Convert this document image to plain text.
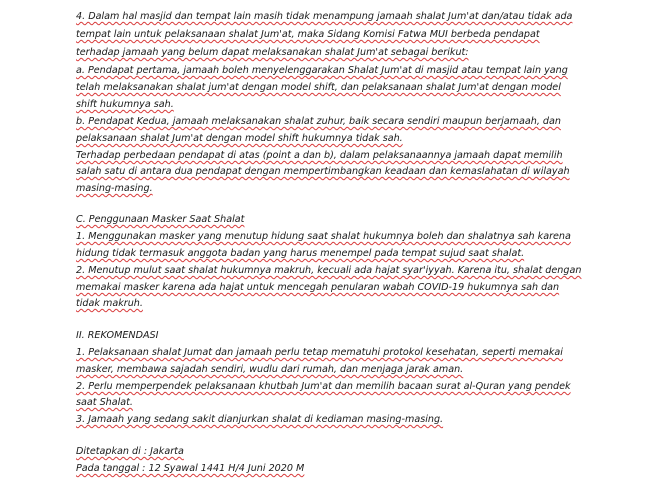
4. Dalam hal masjid dan tempat lain masih tidak menampung jamaah shalat Jum'at dan/atau tidak ada
tempat lain untuk pelaksanaan shalat Jum'at, maka Sidang Komisi Fatwa MUI berbeda pendapat
terhadap jamaah yang belum dapat melaksanakan shalat Jum'at sebagai berikut:
a. Pendapat pertama, jamaah boleh menyelenggarakan Shalat Jum'at di masjid atau tempat lain yang
telah melaksanakan shalat jum'at dengan model shift, dan pelaksanaan shalat Jum'at dengan model
shift hukumnya sah.
b. Pendapat Kedua, jamaah melaksanakan shalat zuhur, baik secara sendiri maupun berjamaah, dan
pelaksanaan shalat Jum'at dengan model shift hukumnya tidak sah.
Terhadap perbedaan pendapat di atas (point a dan b), dalam pelaksanaannya jamaah dapat memilih
salah satu di antara dua pendapat dengan mempertimbangkan keadaan dan kemaslahatan di wilayah
masing-masing.
C. Penggunaan Masker Saat Shalat
1. Menggunakan masker yang menutup hidung saat shalat hukumnya boleh dan shalatnya sah karena
hidung tidak termasuk anggota badan yang harus menempel pada tempat sujud saat shalat.
2. Menutup mulut saat shalat hukumnya makruh, kecuali ada hajat syar'iyyah. Karena itu, shalat dengan
memakai masker karena ada hajat untuk mencegah penularan wabah COVID-19 hukumnya sah dan
tidak makruh.
II. REKOMENDASI
1. Pelaksanaan shalat Jumat dan jamaah perlu tetap mematuhi protokol kesehatan, seperti memakai
masker, membawa sajadah sendiri, wudlu dari rumah, dan menjaga jarak aman.
2. Perlu memperpendek pelaksanaan khutbah Jum'at dan memilih bacaan surat al-Quran yang pendek
saat Shalat.
3. Jamaah yang sedang sakit dianjurkan shalat di kediaman masing-masing.
Ditetapkan di : Jakarta
Pada tanggal : 12 Syawal 1441 H/4 Juni 2020 M
